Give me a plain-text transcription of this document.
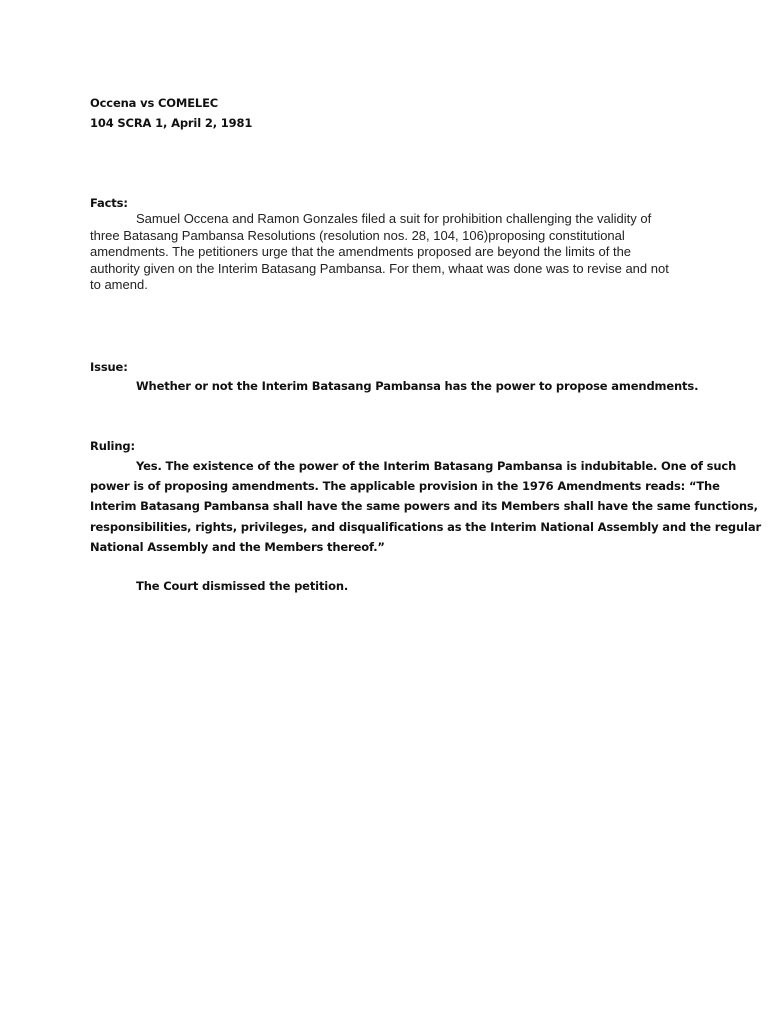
Occena vs COMELEC
104 SCRA 1, April 2, 1981
Facts:
Samuel Occena and Ramon Gonzales filed a suit for prohibition challenging the validity of
three Batasang Pambansa Resolutions (resolution nos. 28, 104, 106)proposing constitutional
amendments. The petitioners urge that the amendments proposed are beyond the limits of the
authority given on the Interim Batasang Pambansa. For them, whaat was done was to revise and not
to amend.
Issue:
Whether or not the Interim Batasang Pambansa has the power to propose amendments.
Ruling:
Yes. The existence of the power of the Interim Batasang Pambansa is indubitable. One of such
power is of proposing amendments. The applicable provision in the 1976 Amendments reads: “The
Interim Batasang Pambansa shall have the same powers and its Members shall have the same functions,
responsibilities, rights, privileges, and disqualifications as the Interim National Assembly and the regular
National Assembly and the Members thereof.”
The Court dismissed the petition.
